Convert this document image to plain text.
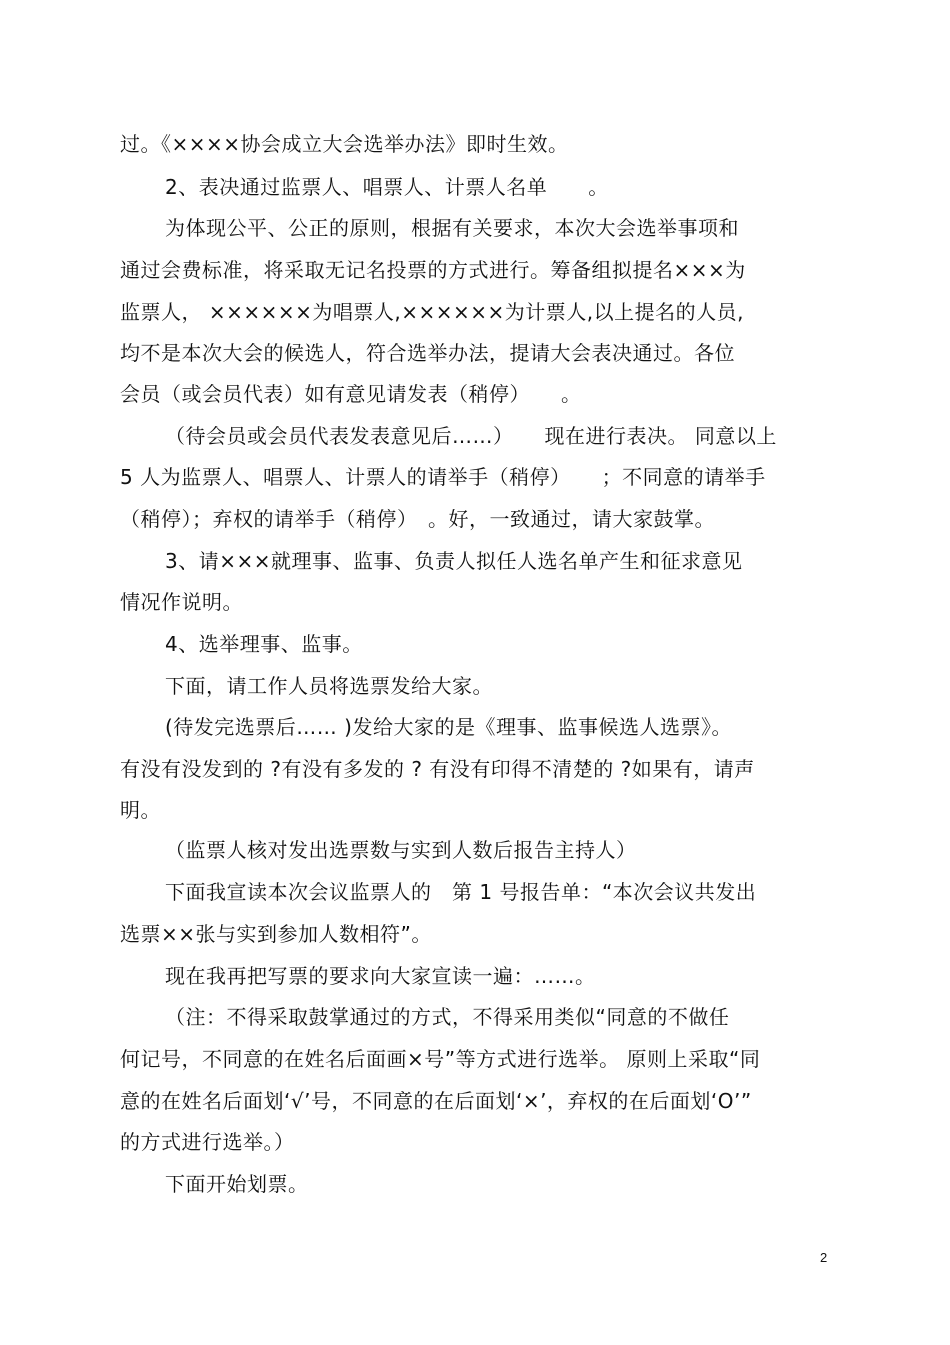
过。《××××协会成立大会选举办法》即时生效。
2、表决通过监票人、唱票人、计票人名单　　。
为体现公平、公正的原则，根据有关要求，本次大会选举事项和
通过会费标准，将采取无记名投票的方式进行。筹备组拟提名×××为
监票人， ××××××为唱票人,××××××为计票人,以上提名的人员,
均不是本次大会的候选人，符合选举办法，提请大会表决通过。各位
会员（或会员代表）如有意见请发表（稍停）　　。
（待会员或会员代表发表意见后……）　　现在进行表决。 同意以上
5 人为监票人、唱票人、计票人的请举手（稍停）　　；不同意的请举手
（稍停）；弃权的请举手（稍停）　。好，一致通过，请大家鼓掌。
3、请×××就理事、监事、负责人拟任人选名单产生和征求意见
情况作说明。
4、选举理事、监事。
下面，请工作人员将选票发给大家。
(待发完选票后…… )发给大家的是《理事、监事候选人选票》。
有没有没发到的 ?有没有多发的 ? 有没有印得不清楚的 ?如果有，请声
明。
（监票人核对发出选票数与实到人数后报告主持人）
下面我宣读本次会议监票人的　第 1 号报告单：“本次会议共发出
选票××张与实到参加人数相符”。
现在我再把写票的要求向大家宣读一遍：……。
（注：不得采取鼓掌通过的方式，不得采用类似“同意的不做任
何记号，不同意的在姓名后面画×号”等方式进行选举。 原则上采取“同
意的在姓名后面划‘√’号，不同意的在后面划‘×’，弃权的在后面划‘O’”
的方式进行选举。）
下面开始划票。
2
